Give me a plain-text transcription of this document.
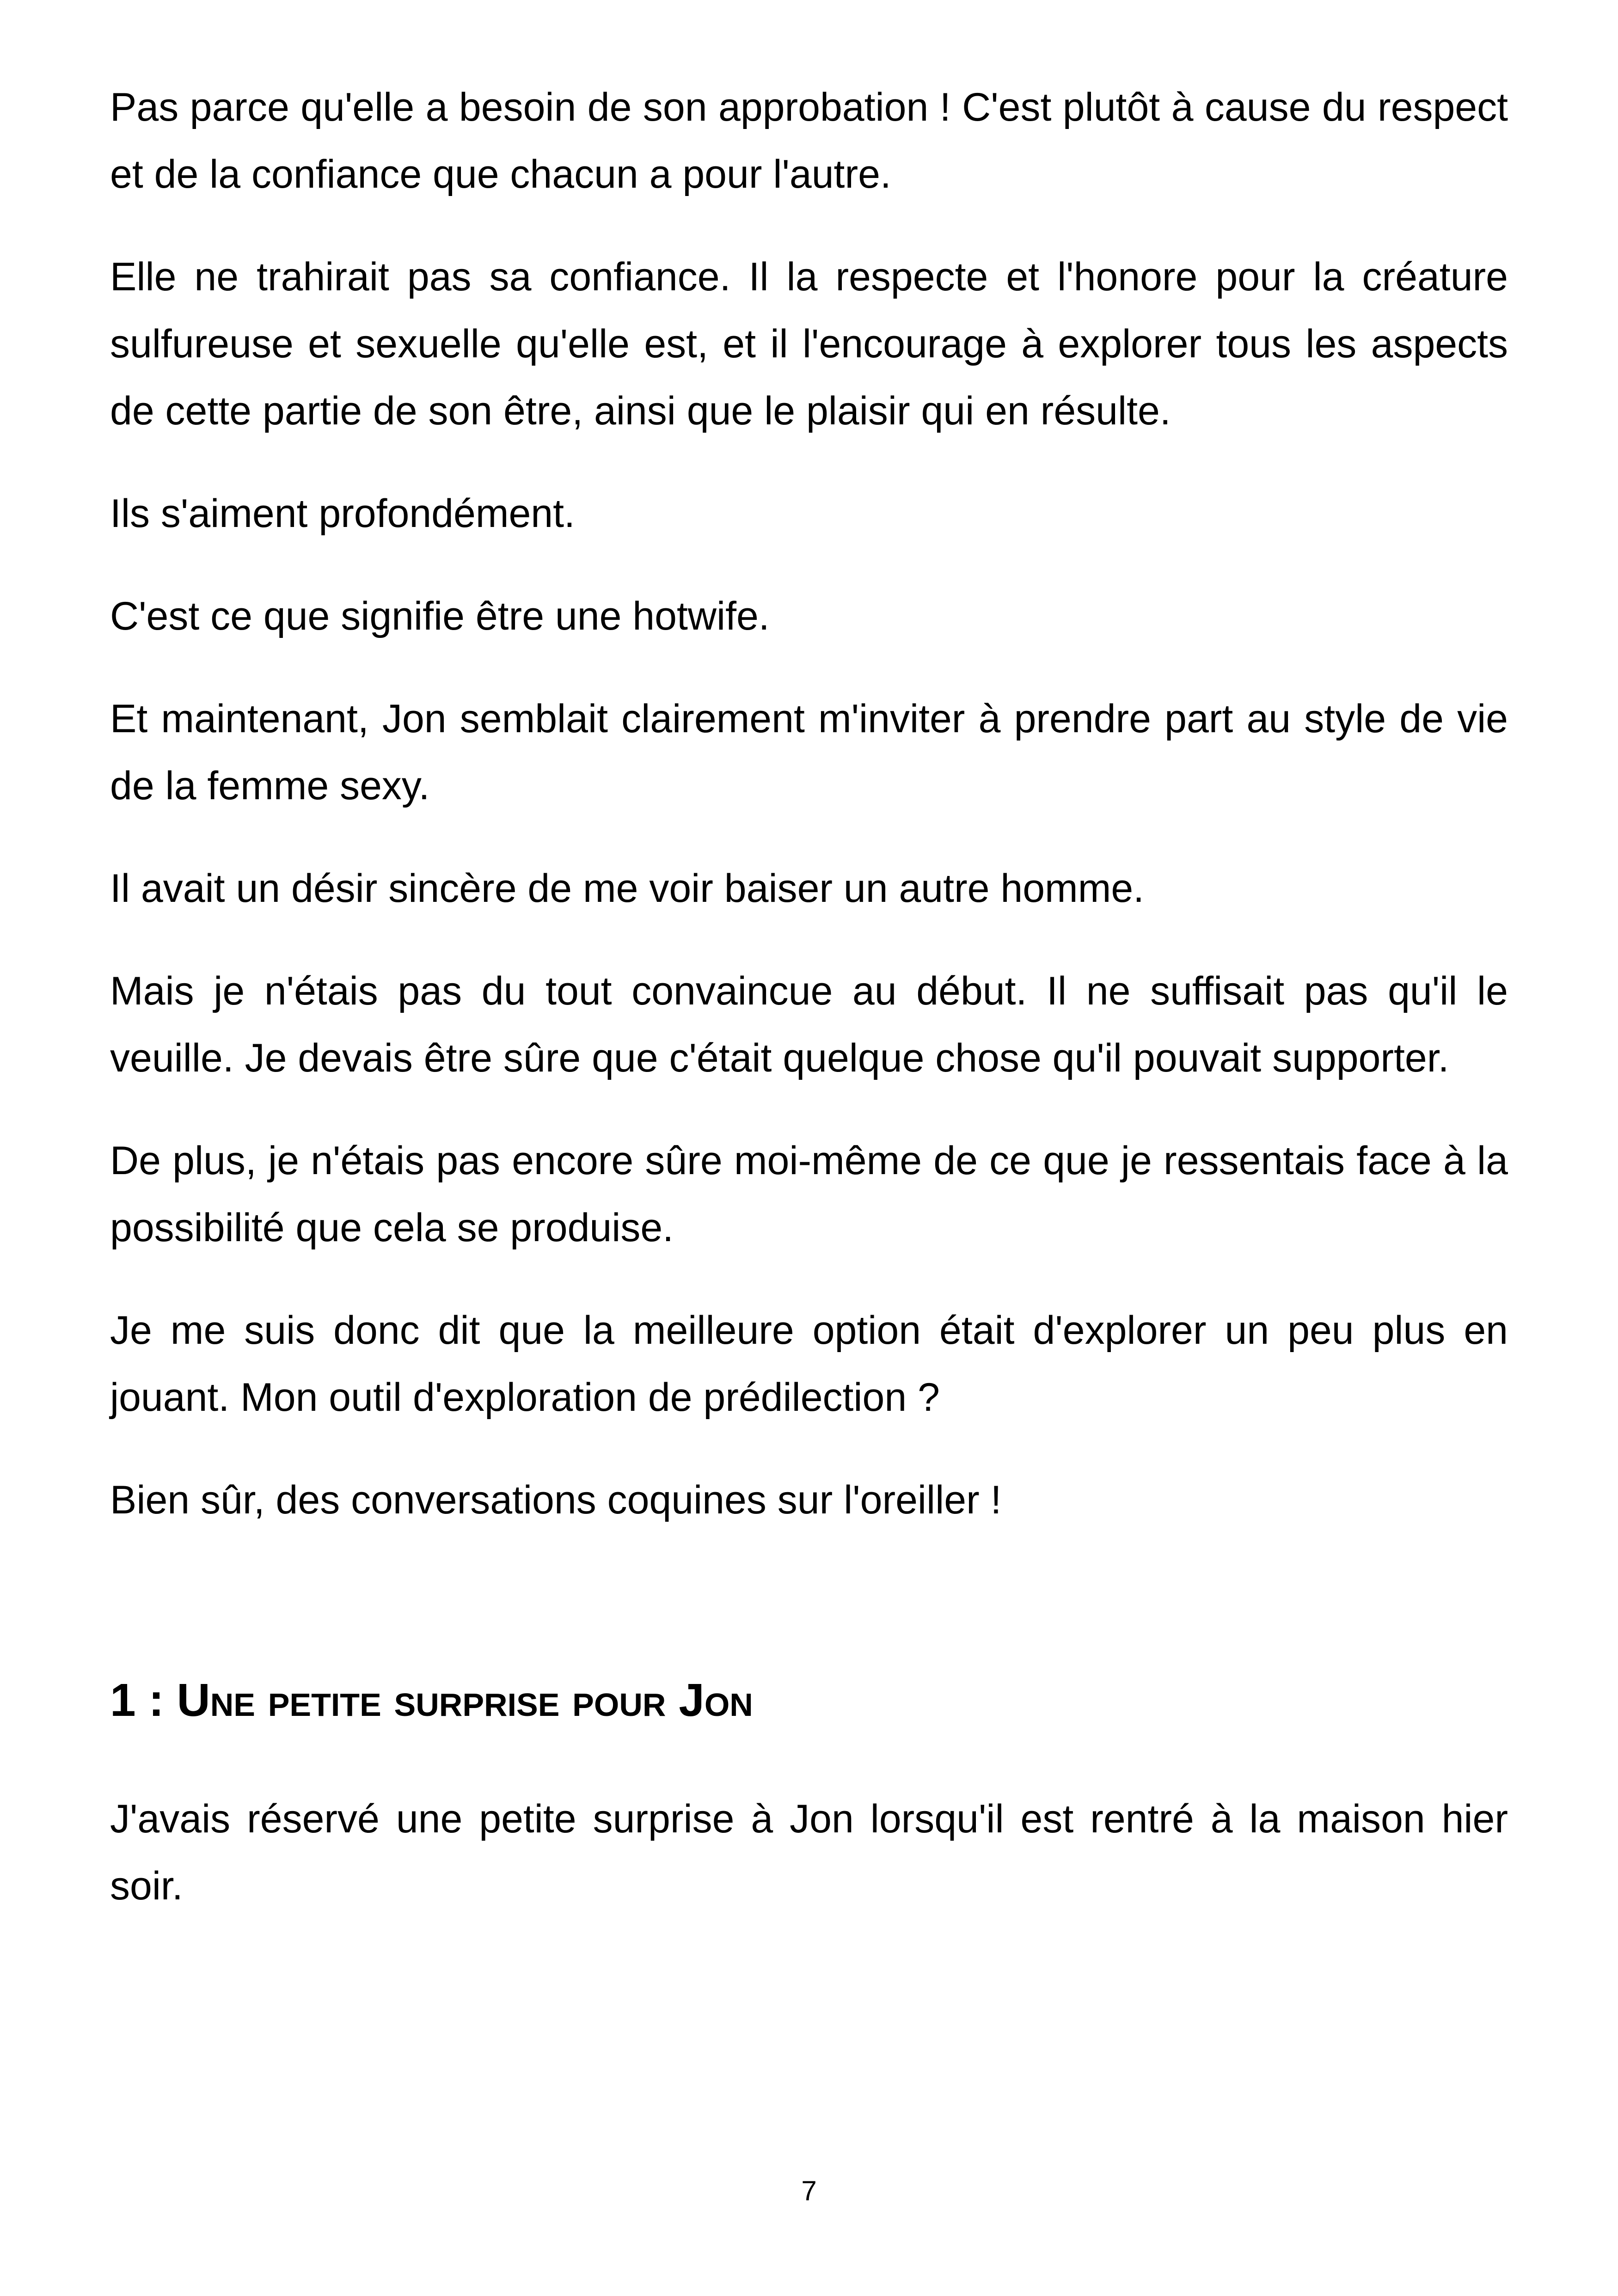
Pas parce qu'elle a besoin de son approbation ! C'est plutôt à cause du respect et de la confiance que chacun a pour l'autre.

Elle ne trahirait pas sa confiance. Il la respecte et l'honore pour la créature sulfureuse et sexuelle qu'elle est, et il l'encourage à explorer tous les aspects de cette partie de son être, ainsi que le plaisir qui en résulte.

Ils s'aiment profondément.

C'est ce que signifie être une hotwife.

Et maintenant, Jon semblait clairement m'inviter à prendre part au style de vie de la femme sexy.

Il avait un désir sincère de me voir baiser un autre homme.

Mais je n'étais pas du tout convaincue au début. Il ne suffisait pas qu'il le veuille. Je devais être sûre que c'était quelque chose qu'il pouvait supporter.

De plus, je n'étais pas encore sûre moi-même de ce que je ressentais face à la possibilité que cela se produise.

Je me suis donc dit que la meilleure option était d'explorer un peu plus en jouant. Mon outil d'exploration de prédilection ?

Bien sûr, des conversations coquines sur l'oreiller !

1 : Une petite surprise pour Jon

J'avais réservé une petite surprise à Jon lorsqu'il est rentré à la maison hier soir.

7
